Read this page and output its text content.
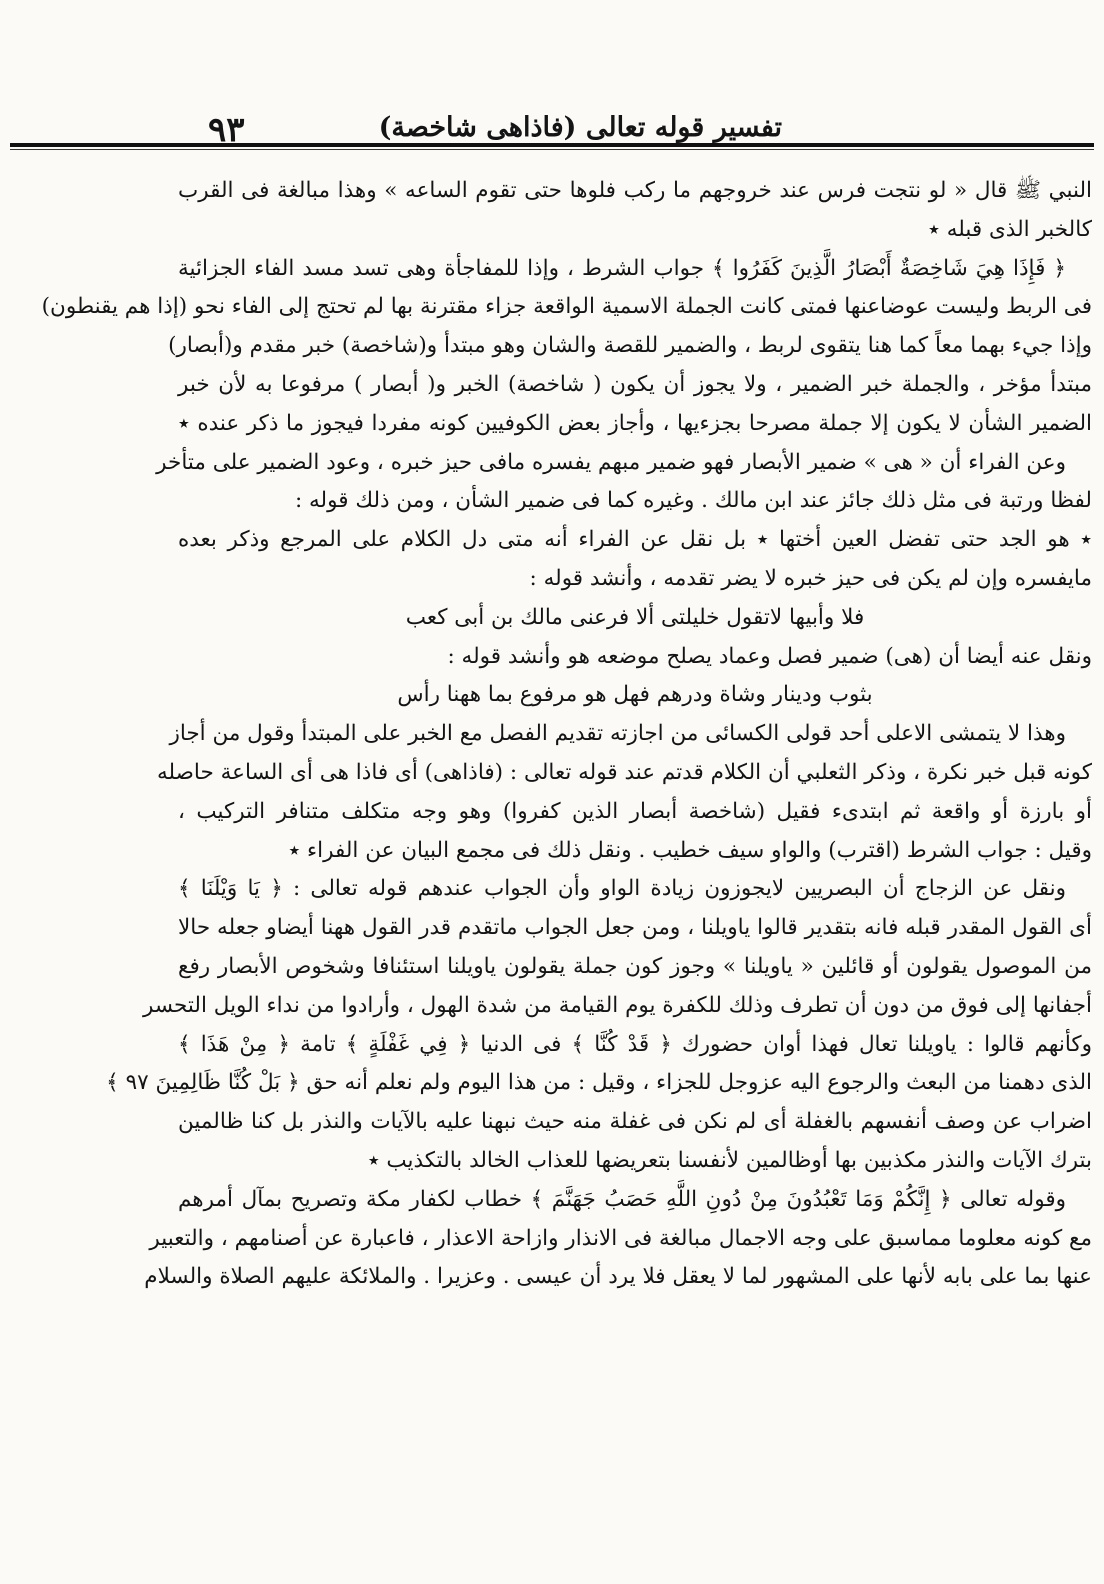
تفسير قوله تعالى (فاذاهى شاخصة)
٩٣
النبي ﷺ قال « لو نتجت فرس عند خروجهم ما ركب فلوها حتى تقوم الساعه » وهذا مبالغة فى القرب
كالخبر الذى قبله ٭
﴿ فَإِذَا هِيَ شَاخِصَةٌ أَبْصَارُ الَّذِينَ كَفَرُوا ﴾ جواب الشرط ، وإذا للمفاجأة وهى تسد مسد الفاء الجزائية
فى الربط وليست عوضاعنها فمتى كانت الجملة الاسمية الواقعة جزاء مقترنة بها لم تحتج إلى الفاء نحو (إذا هم يقنطون)
وإذا جيء بهما معاً كما هنا يتقوى لربط ، والضمير للقصة والشان وهو مبتدأ و(شاخصة) خبر مقدم و(أبصار)
مبتدأ مؤخر ، والجملة خبر الضمير ، ولا يجوز أن يكون ( شاخصة) الخبر و( أبصار ) مرفوعا به لأن خبر
الضمير الشأن لا يكون إلا جملة مصرحا بجزءيها ، وأجاز بعض الكوفيين كونه مفردا فيجوز ما ذكر عنده ٭
وعن الفراء أن « هى » ضمير الأبصار فهو ضمير مبهم يفسره مافى حيز خبره ، وعود الضمير على متأخر
لفظا ورتبة فى مثل ذلك جائز عند ابن مالك . وغيره كما فى ضمير الشأن ، ومن ذلك قوله :
٭ هو الجد حتى تفضل العين أختها ٭ بل نقل عن الفراء أنه متى دل الكلام على المرجع وذكر بعده
مايفسره وإن لم يكن فى حيز خبره لا يضر تقدمه ، وأنشد قوله :
فلا وأبيها لاتقول خليلتى ألا فرعنى مالك بن أبى كعب
ونقل عنه أيضا أن (هى) ضمير فصل وعماد يصلح موضعه هو وأنشد قوله :
بثوب ودينار وشاة ودرهم فهل هو مرفوع بما ههنا رأس
وهذا لا يتمشى الاعلى أحد قولى الكسائى من اجازته تقديم الفصل مع الخبر على المبتدأ وقول من أجاز
كونه قبل خبر نكرة ، وذكر الثعلبي أن الكلام قدتم عند قوله تعالى : (فاذاهى) أى فاذا هى أى الساعة حاصله
أو بارزة أو واقعة ثم ابتدىء فقيل (شاخصة أبصار الذين كفروا) وهو وجه متكلف متنافر التركيب ،
وقيل : جواب الشرط (اقترب) والواو سيف خطيب . ونقل ذلك فى مجمع البيان عن الفراء ٭
ونقل عن الزجاج أن البصريين لايجوزون زيادة الواو وأن الجواب عندهم قوله تعالى : ﴿ يَا وَيْلَنَا ﴾
أى القول المقدر قبله فانه بتقدير قالوا ياويلنا ، ومن جعل الجواب ماتقدم قدر القول ههنا أيضاو جعله حالا
من الموصول يقولون أو قائلين « ياويلنا » وجوز كون جملة يقولون ياويلنا استئنافا وشخوص الأبصار رفع
أجفانها إلى فوق من دون أن تطرف وذلك للكفرة يوم القيامة من شدة الهول ، وأرادوا من نداء الويل التحسر
وكأنهم قالوا : ياويلنا تعال فهذا أوان حضورك ﴿ قَدْ كُنَّا ﴾ فى الدنيا ﴿ فِي غَفْلَةٍ ﴾ تامة ﴿ مِنْ هَذَا ﴾
الذى دهمنا من البعث والرجوع اليه عزوجل للجزاء ، وقيل : من هذا اليوم ولم نعلم أنه حق ﴿ بَلْ كُنَّا ظَالِمِينَ ٩٧ ﴾
اضراب عن وصف أنفسهم بالغفلة أى لم نكن فى غفلة منه حيث نبهنا عليه بالآيات والنذر بل كنا ظالمين
بترك الآيات والنذر مكذبين بها أوظالمين لأنفسنا بتعريضها للعذاب الخالد بالتكذيب ٭
وقوله تعالى ﴿ إِنَّكُمْ وَمَا تَعْبُدُونَ مِنْ دُونِ اللَّهِ حَصَبُ جَهَنَّمَ ﴾ خطاب لكفار مكة وتصريح بمآل أمرهم
مع كونه معلوما مماسبق على وجه الاجمال مبالغة فى الانذار وازاحة الاعذار ، فاعبارة عن أصنامهم ، والتعبير
عنها بما على بابه لأنها على المشهور لما لا يعقل فلا يرد أن عيسى . وعزيرا . والملائكة عليهم الصلاة والسلام
